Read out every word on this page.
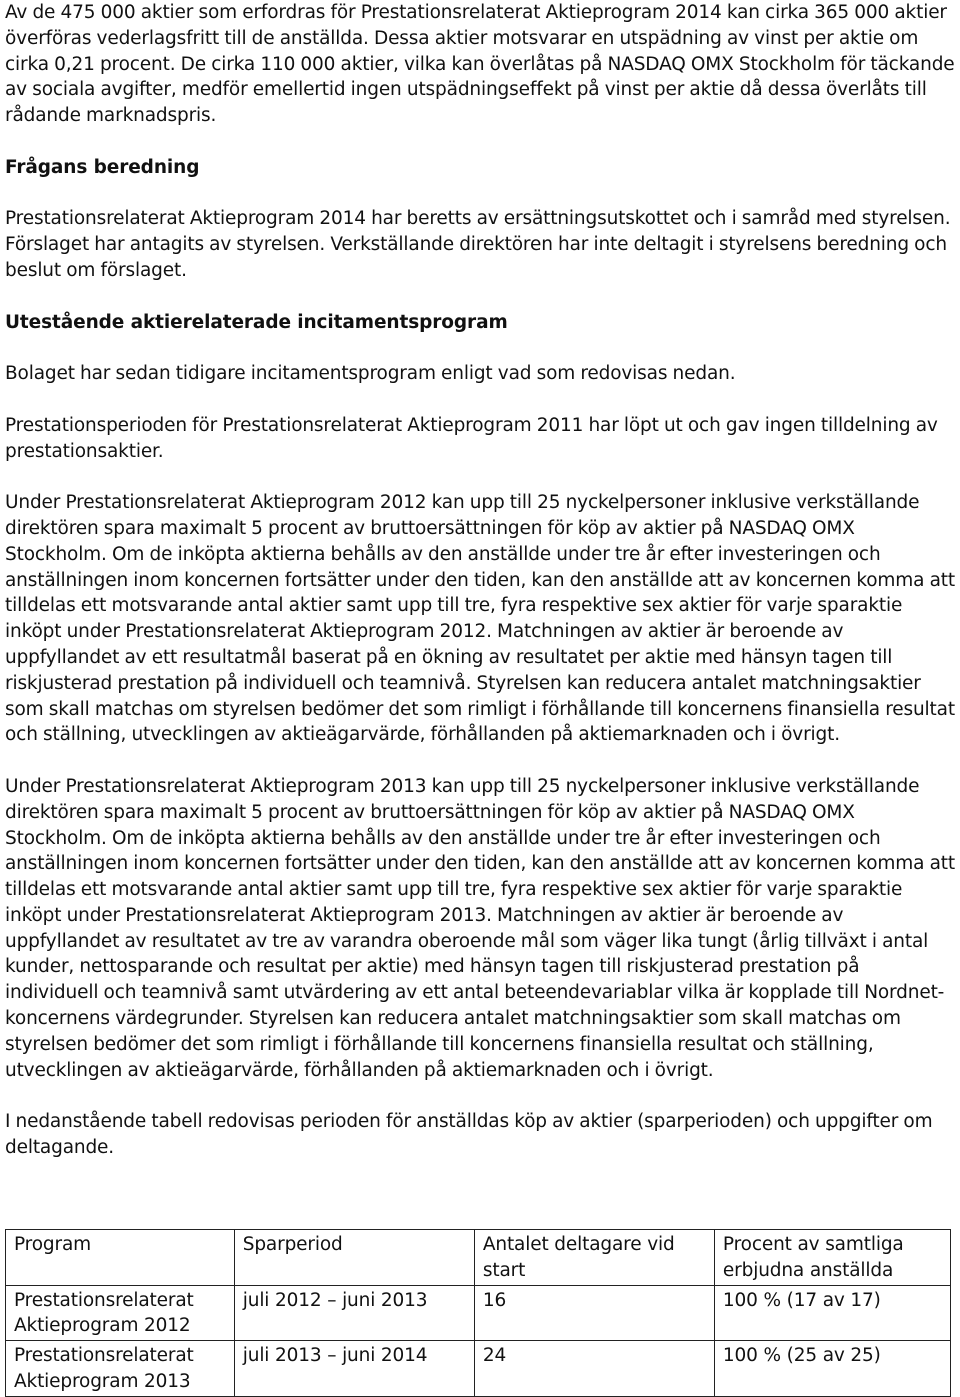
Av de 475 000 aktier som erfordras för Prestationsrelaterat Aktieprogram 2014 kan cirka 365 000 aktier överföras vederlagsfritt till de anställda. Dessa aktier motsvarar en utspädning av vinst per aktie om cirka 0,21 procent. De cirka 110 000 aktier, vilka kan överlåtas på NASDAQ OMX Stockholm för täckande av sociala avgifter, medför emellertid ingen utspädningseffekt på vinst per aktie då dessa överlåts till rådande marknadspris.

Frågans beredning

Prestationsrelaterat Aktieprogram 2014 har beretts av ersättningsutskottet och i samråd med styrelsen. Förslaget har antagits av styrelsen. Verkställande direktören har inte deltagit i styrelsens beredning och beslut om förslaget.

Utestående aktierelaterade incitamentsprogram

Bolaget har sedan tidigare incitamentsprogram enligt vad som redovisas nedan.

Prestationsperioden för Prestationsrelaterat Aktieprogram 2011 har löpt ut och gav ingen tilldelning av prestationsaktier.

Under Prestationsrelaterat Aktieprogram 2012 kan upp till 25 nyckelpersoner inklusive verkställande direktören spara maximalt 5 procent av bruttoersättningen för köp av aktier på NASDAQ OMX Stockholm. Om de inköpta aktierna behålls av den anställde under tre år efter investeringen och anställningen inom koncernen fortsätter under den tiden, kan den anställde att av koncernen komma att tilldelas ett motsvarande antal aktier samt upp till tre, fyra respektive sex aktier för varje sparaktie inköpt under Prestationsrelaterat Aktieprogram 2012. Matchningen av aktier är beroende av uppfyllandet av ett resultatmål baserat på en ökning av resultatet per aktie med hänsyn tagen till riskjusterad prestation på individuell och teamnivå. Styrelsen kan reducera antalet matchningsaktier som skall matchas om styrelsen bedömer det som rimligt i förhållande till koncernens finansiella resultat och ställning, utvecklingen av aktieägarvärde, förhållanden på aktiemarknaden och i övrigt.

Under Prestationsrelaterat Aktieprogram 2013 kan upp till 25 nyckelpersoner inklusive verkställande direktören spara maximalt 5 procent av bruttoersättningen för köp av aktier på NASDAQ OMX Stockholm. Om de inköpta aktierna behålls av den anställde under tre år efter investeringen och anställningen inom koncernen fortsätter under den tiden, kan den anställde att av koncernen komma att tilldelas ett motsvarande antal aktier samt upp till tre, fyra respektive sex aktier för varje sparaktie inköpt under Prestationsrelaterat Aktieprogram 2013. Matchningen av aktier är beroende av uppfyllandet av resultatet av tre av varandra oberoende mål som väger lika tungt (årlig tillväxt i antal kunder, nettosparande och resultat per aktie) med hänsyn tagen till riskjusterad prestation på individuell och teamnivå samt utvärdering av ett antal beteendevariablar vilka är kopplade till Nordnet-koncernens värdegrunder. Styrelsen kan reducera antalet matchningsaktier som skall matchas om styrelsen bedömer det som rimligt i förhållande till koncernens finansiella resultat och ställning, utvecklingen av aktieägarvärde, förhållanden på aktiemarknaden och i övrigt.

I nedanstående tabell redovisas perioden för anställdas köp av aktier (sparperioden) och uppgifter om deltagande.

Program	Sparperiod	Antalet deltagare vid start	Procent av samtliga erbjudna anställda
Prestationsrelaterat Aktieprogram 2012	juli 2012 – juni 2013	16	100 % (17 av 17)
Prestationsrelaterat Aktieprogram 2013	juli 2013 – juni 2014	24	100 % (25 av 25)
